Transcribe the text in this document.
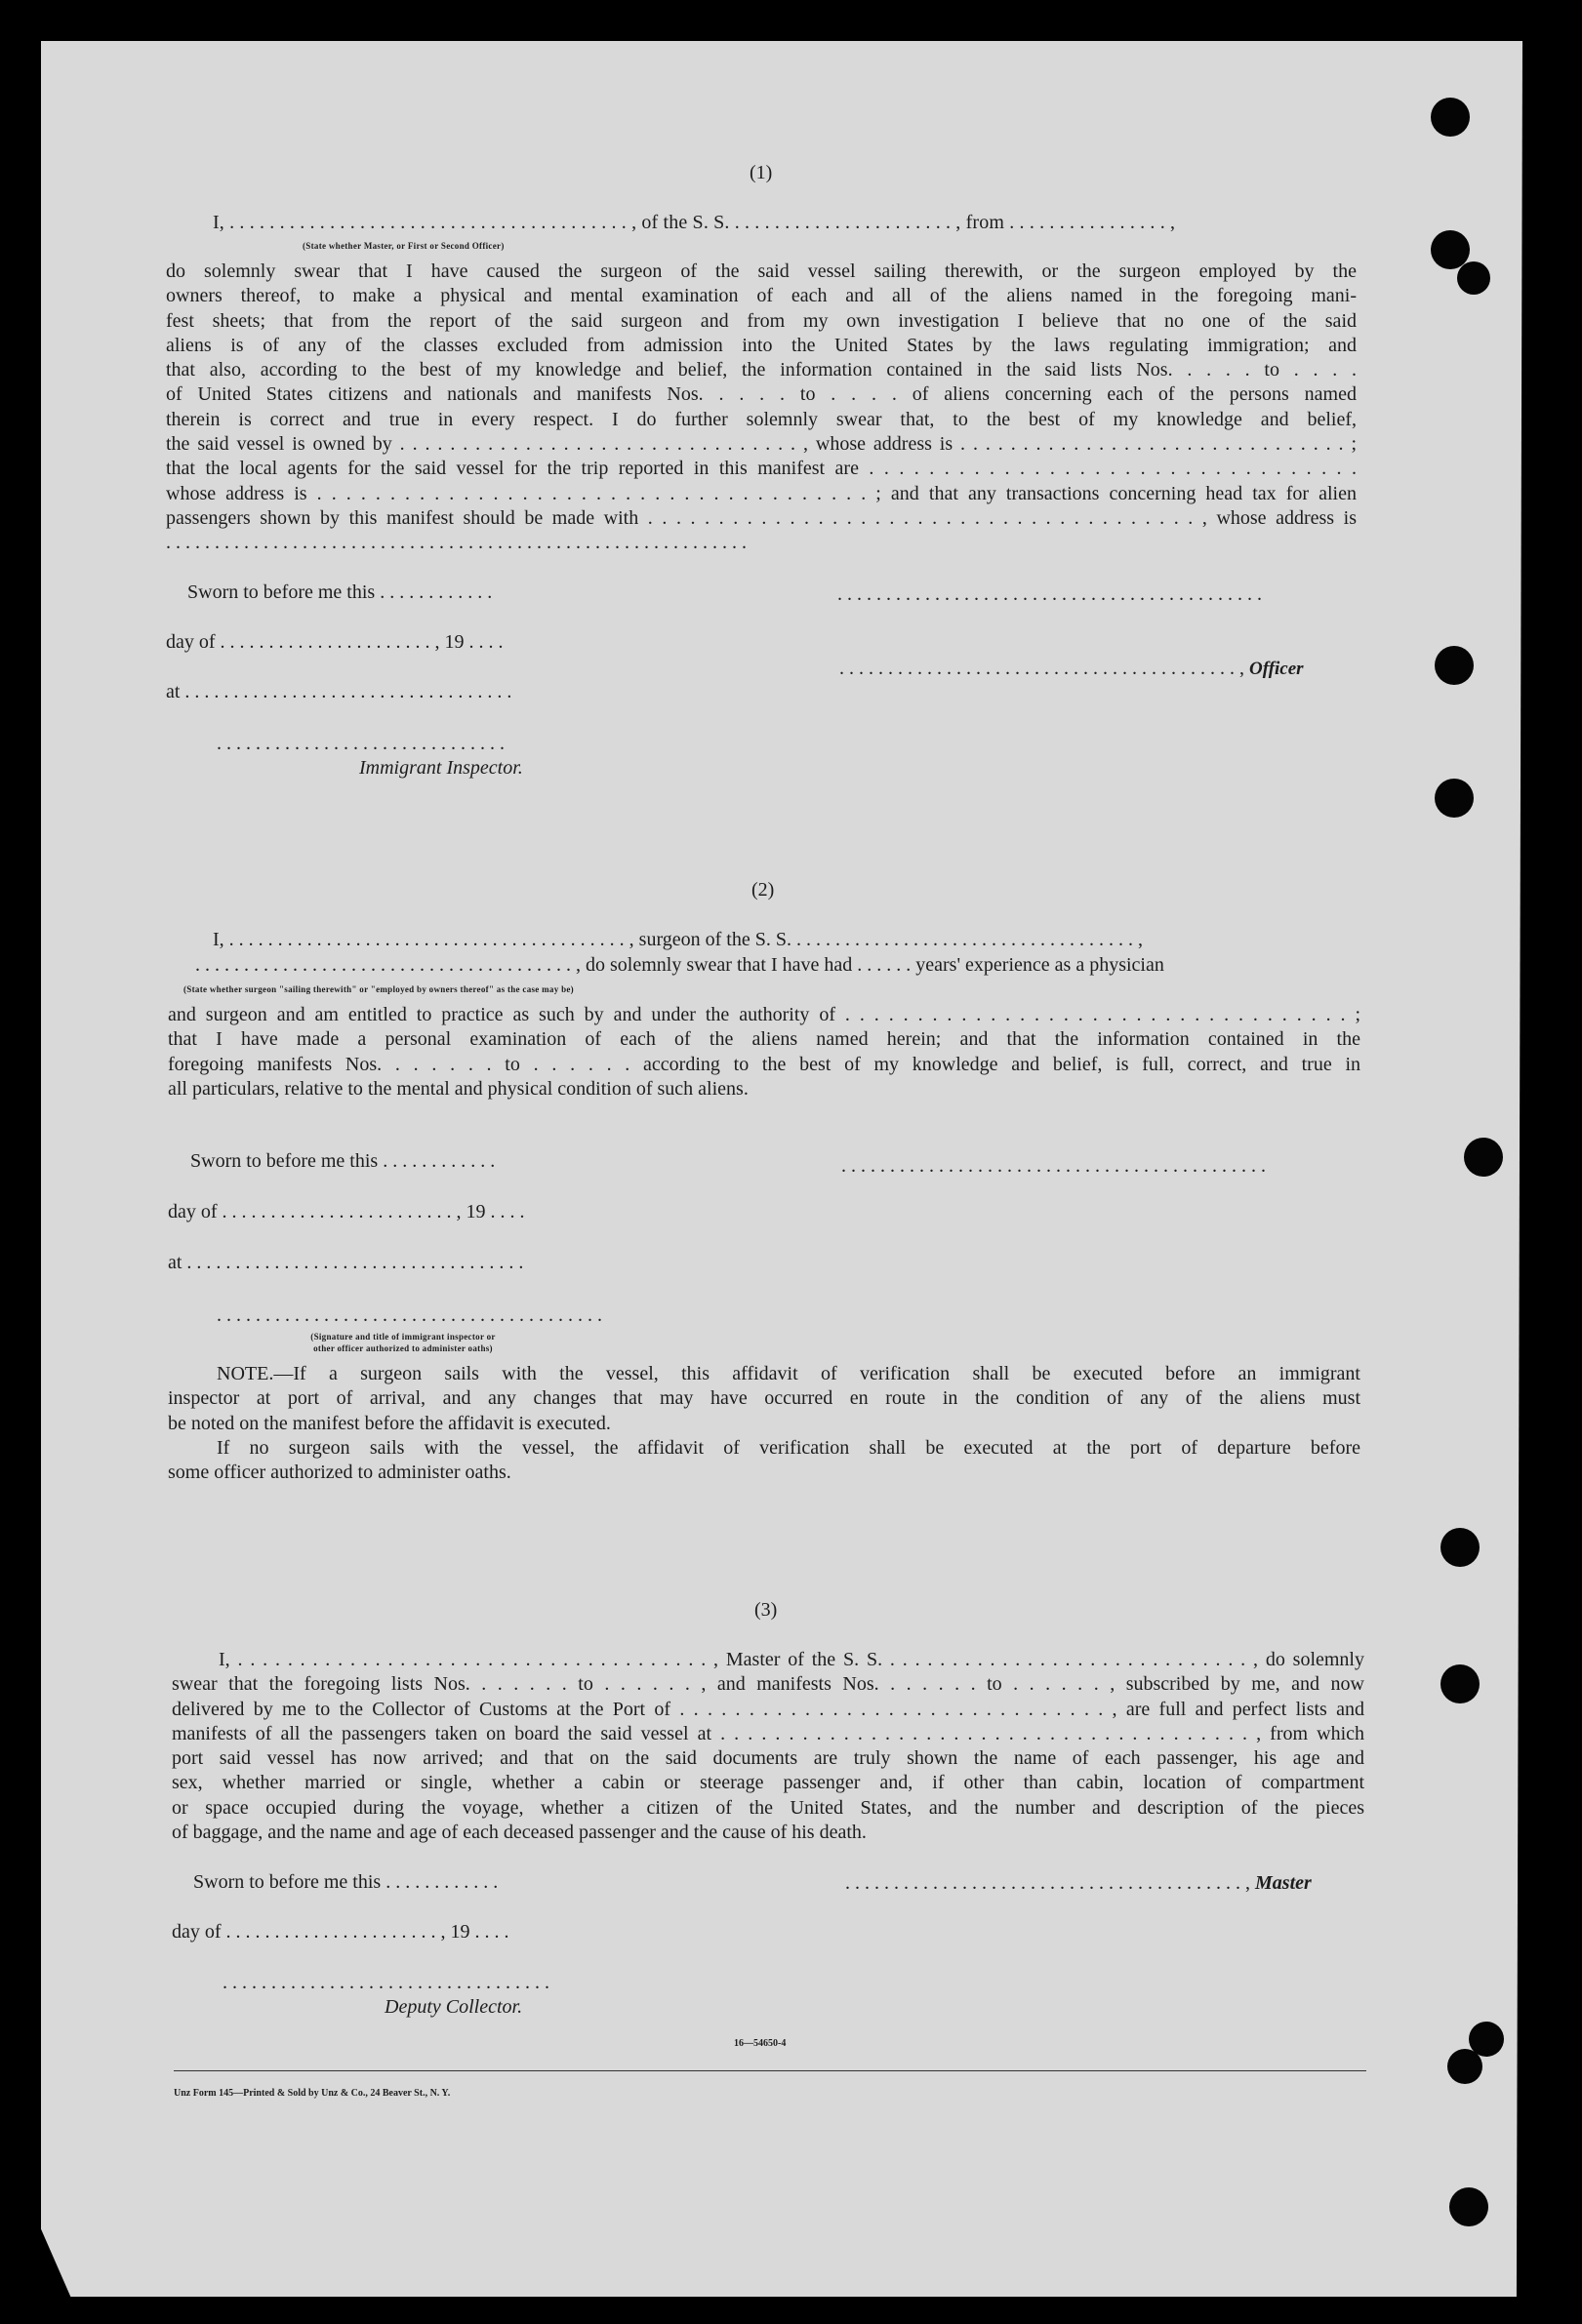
(1)
I, . . . . . . . . . . . . . . . . . . . . . . . . . . . . . . . . . . . . . . . . , of the S. S. . . . . . . . . . . . . . . . . . . . . . . , from . . . . . . . . . . . . . . . . ,
(State whether Master, or First or Second Officer)
do solemnly swear that I have caused the surgeon of the said vessel sailing therewith, or the surgeon employed by the
owners thereof, to make a physical and mental examination of each and all of the aliens named in the foregoing mani-
fest sheets; that from the report of the said surgeon and from my own investigation I believe that no one of the said
aliens is of any of the classes excluded from admission into the United States by the laws regulating immigration; and
that also, according to the best of my knowledge and belief, the information contained in the said lists Nos. . . . . to . . . .
of United States citizens and nationals and manifests Nos. . . . . to . . . . of aliens concerning each of the persons named
therein is correct and true in every respect. I do further solemnly swear that, to the best of my knowledge and belief,
the said vessel is owned by . . . . . . . . . . . . . . . . . . . . . . . . . . . . . . . . , whose address is . . . . . . . . . . . . . . . . . . . . . . . . . . . . . . . ;
that the local agents for the said vessel for the trip reported in this manifest are . . . . . . . . . . . . . . . . . . . . . . . . . . . . . . . . .
whose address is . . . . . . . . . . . . . . . . . . . . . . . . . . . . . . . . . . . . . . ; and that any transactions concerning head tax for alien
passengers shown by this manifest should be made with . . . . . . . . . . . . . . . . . . . . . . . . . . . . . . . . . . . . . . . , whose address is
. . . . . . . . . . . . . . . . . . . . . . . . . . . . . . . . . . . . . . . . . . . . . . . . . . . . . . . . . . . .
Sworn to before me this . . . . . . . . . . . .	. . . . . . . . . . . . . . . . . . . . . . . . . . . . . . . . . . . . . . . . . . . .
day of . . . . . . . . . . . . . . . . . . . . . . , 19 . . . .
. . . . . . . . . . . . . . . . . . . . . . . . . . . . . . . . . . . . . . . . . , Officer
at . . . . . . . . . . . . . . . . . . . . . . . . . . . . . . . . . .
. . . . . . . . . . . . . . . . . . . . . . . . . . . . . .
Immigrant Inspector.
(2)
I, . . . . . . . . . . . . . . . . . . . . . . . . . . . . . . . . . . . . . . . . . , surgeon of the S. S. . . . . . . . . . . . . . . . . . . . . . . . . . . . . . . . . . . . ,
. . . . . . . . . . . . . . . . . . . . . . . . . . . . . . . . . . . . . . . , do solemnly swear that I have had . . . . . . years' experience as a physician
(State whether surgeon "sailing therewith" or "employed by owners thereof" as the case may be)
and surgeon and am entitled to practice as such by and under the authority of . . . . . . . . . . . . . . . . . . . . . . . . . . . . . . . . . . . ;
that I have made a personal examination of each of the aliens named herein; and that the information contained in the
foregoing manifests Nos. . . . . . . to . . . . . . according to the best of my knowledge and belief, is full, correct, and true in
all particulars, relative to the mental and physical condition of such aliens.
Sworn to before me this . . . . . . . . . . . .	. . . . . . . . . . . . . . . . . . . . . . . . . . . . . . . . . . . . . . . . . . . .
day of . . . . . . . . . . . . . . . . . . . . . . . . , 19 . . . .
at . . . . . . . . . . . . . . . . . . . . . . . . . . . . . . . . . . .
. . . . . . . . . . . . . . . . . . . . . . . . . . . . . . . . . . . . . . . .
(Signature and title of immigrant inspector or
other officer authorized to administer oaths)
NOTE.—If a surgeon sails with the vessel, this affidavit of verification shall be executed before an immigrant
inspector at port of arrival, and any changes that may have occurred en route in the condition of any of the aliens must
be noted on the manifest before the affidavit is executed.
If no surgeon sails with the vessel, the affidavit of verification shall be executed at the port of departure before
some officer authorized to administer oaths.
(3)
I, . . . . . . . . . . . . . . . . . . . . . . . . . . . . . . . . . . . . . . , Master of the S. S. . . . . . . . . . . . . . . . . . . . . . . . . . . . . . , do solemnly
swear that the foregoing lists Nos. . . . . . . to . . . . . . , and manifests Nos. . . . . . . to . . . . . . , subscribed by me, and now
delivered by me to the Collector of Customs at the Port of . . . . . . . . . . . . . . . . . . . . . . . . . . . . . . . , are full and perfect lists and
manifests of all the passengers taken on board the said vessel at . . . . . . . . . . . . . . . . . . . . . . . . . . . . . . . . . . . . . . . , from which
port said vessel has now arrived; and that on the said documents are truly shown the name of each passenger, his age and
sex, whether married or single, whether a cabin or steerage passenger and, if other than cabin, location of compartment
or space occupied during the voyage, whether a citizen of the United States, and the number and description of the pieces
of baggage, and the name and age of each deceased passenger and the cause of his death.
Sworn to before me this . . . . . . . . . . . .	. . . . . . . . . . . . . . . . . . . . . . . . . . . . . . . . . . . . . . . . . , Master
day of . . . . . . . . . . . . . . . . . . . . . . , 19 . . . .
. . . . . . . . . . . . . . . . . . . . . . . . . . . . . . . . . .
Deputy Collector.
16—54650-4
Unz Form 145—Printed & Sold by Unz & Co., 24 Beaver St., N. Y.
